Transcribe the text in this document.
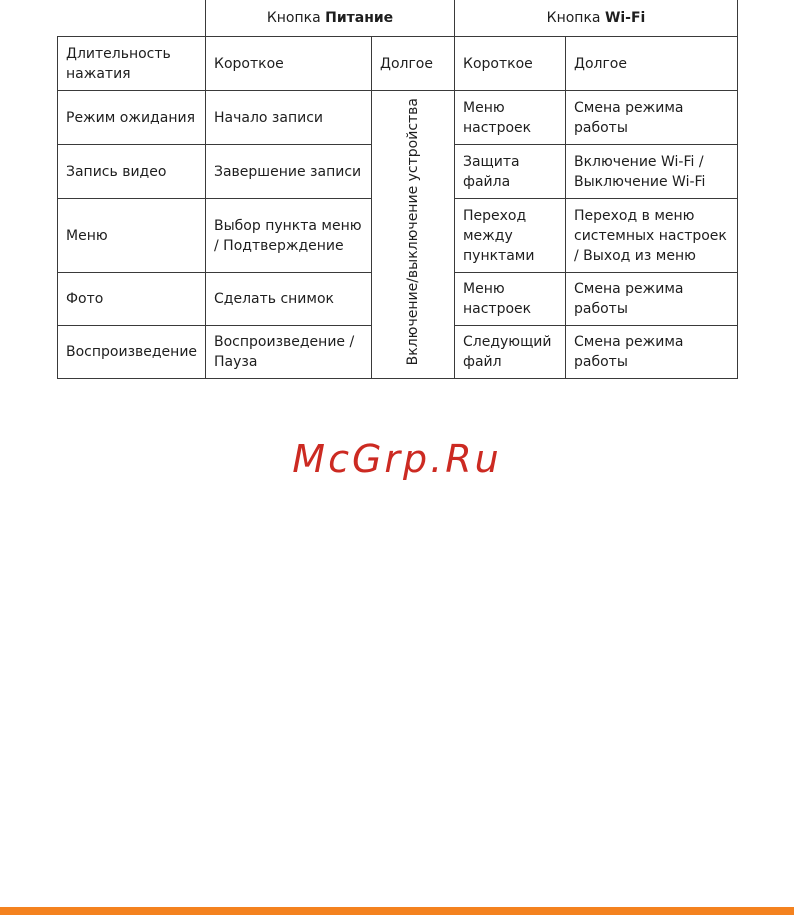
	Кнопка Питание		Кнопка Wi-Fi	
Длительность нажатия	Короткое	Долгое	Короткое	Долгое
Режим ожидания	Начало записи	Включение/выключение устройства	Меню настроек	Смена режима работы
Запись видео	Завершение записи		Защита файла	Включение Wi-Fi / Выключение Wi-Fi
Меню	Выбор пункта меню / Подтверждение		Переход между пунктами	Переход в меню системных настроек / Выход из меню
Фото	Сделать снимок		Меню настроек	Смена режима работы
Воспроизведение	Воспроизведение / Пауза		Следующий файл	Смена режима работы
McGrp.Ru
